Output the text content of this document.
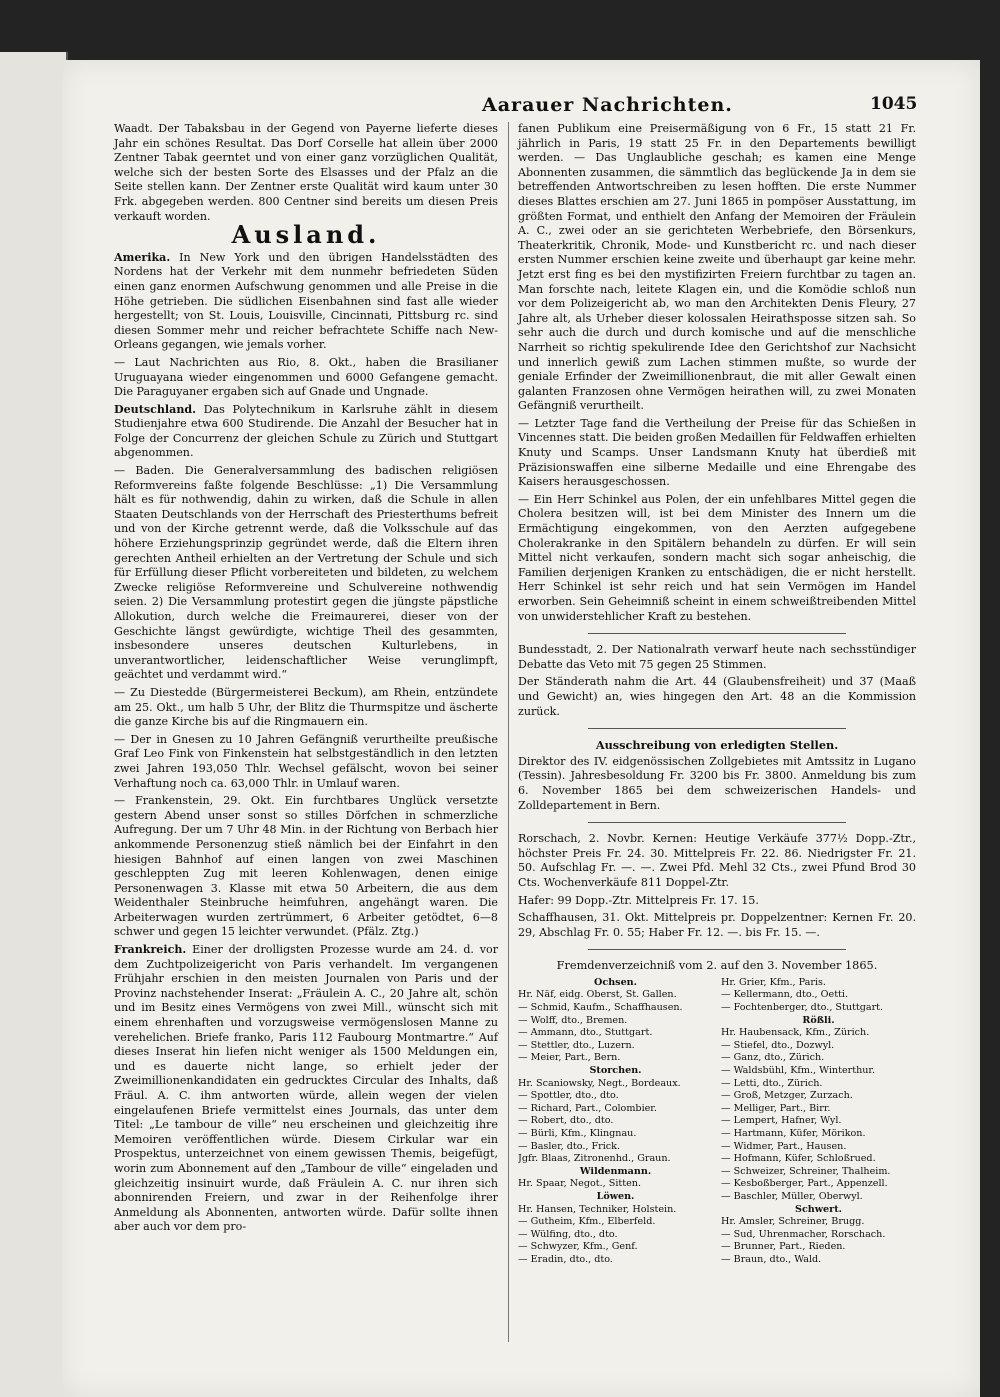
Aarauer Nachrichten.	1045

Waadt. Der Tabaksbau in der Gegend von Payerne lieferte dieses Jahr ein schönes Resultat. Das Dorf Corselle hat allein über 2000 Zentner Tabak geerntet und von einer ganz vorzüglichen Qualität, welche sich der besten Sorte des Elsasses und der Pfalz an die Seite stellen kann. Der Zentner erste Qualität wird kaum unter 30 Frk. abgegeben werden. 800 Centner sind bereits um diesen Preis verkauft worden.

Ausland.

Amerika. In New York und den übrigen Handelsstädten des Nordens hat der Verkehr mit dem nunmehr befriedeten Süden einen ganz enormen Aufschwung genommen und alle Preise in die Höhe getrieben. Die südlichen Eisenbahnen sind fast alle wieder hergestellt; von St. Louis, Louisville, Cincinnati, Pittsburg rc. sind diesen Sommer mehr und reicher befrachtete Schiffe nach New-Orleans gegangen, wie jemals vorher.

— Laut Nachrichten aus Rio, 8. Okt., haben die Brasilianer Uruguayana wieder eingenommen und 6000 Gefangene gemacht. Die Paraguyaner ergaben sich auf Gnade und Ungnade.

Deutschland. Das Polytechnikum in Karlsruhe zählt in diesem Studienjahre etwa 600 Studirende. Die Anzahl der Besucher hat in Folge der Concurrenz der gleichen Schule zu Zürich und Stuttgart abgenommen.

— Baden. Die Generalversammlung des badischen religiösen Reformvereins faßte folgende Beschlüsse: „1) Die Versammlung hält es für nothwendig, dahin zu wirken, daß die Schule in allen Staaten Deutschlands von der Herrschaft des Priesterthums befreit und von der Kirche getrennt werde, daß die Volksschule auf das höhere Erziehungsprinzip gegründet werde, daß die Eltern ihren gerechten Antheil erhielten an der Vertretung der Schule und sich für Erfüllung dieser Pflicht vorbereiteten und bildeten, zu welchem Zwecke religiöse Reformvereine und Schulvereine nothwendig seien. 2) Die Versammlung protestirt gegen die jüngste päpstliche Allokution, durch welche die Freimaurerei, dieser von der Geschichte längst gewürdigte, wichtige Theil des gesammten, insbesondere unseres deutschen Kulturlebens, in unverantwortlicher, leidenschaftlicher Weise verunglimpft, geächtet und verdammt wird.“

— Zu Diestedde (Bürgermeisterei Beckum), am Rhein, entzündete am 25. Okt., um halb 5 Uhr, der Blitz die Thurmspitze und äscherte die ganze Kirche bis auf die Ringmauern ein.

— Der in Gnesen zu 10 Jahren Gefängniß verurtheilte preußische Graf Leo Fink von Finkenstein hat selbstgeständlich in den letzten zwei Jahren 193,050 Thlr. Wechsel gefälscht, wovon bei seiner Verhaftung noch ca. 63,000 Thlr. in Umlauf waren.

— Frankenstein, 29. Okt. Ein furchtbares Unglück versetzte gestern Abend unser sonst so stilles Dörfchen in schmerzliche Aufregung. Der um 7 Uhr 48 Min. in der Richtung von Berbach hier ankommende Personenzug stieß nämlich bei der Einfahrt in den hiesigen Bahnhof auf einen langen von zwei Maschinen geschleppten Zug mit leeren Kohlenwagen, denen einige Personenwagen 3. Klasse mit etwa 50 Arbeitern, die aus dem Weidenthaler Steinbruche heimfuhren, angehängt waren. Die Arbeiterwagen wurden zertrümmert, 6 Arbeiter getödtet, 6—8 schwer und gegen 15 leichter verwundet. (Pfälz. Ztg.)

Frankreich. Einer der drolligsten Prozesse wurde am 24. d. vor dem Zuchtpolizeigericht von Paris verhandelt. Im vergangenen Frühjahr erschien in den meisten Journalen von Paris und der Provinz nachstehender Inserat: „Fräulein A. C., 20 Jahre alt, schön und im Besitz eines Vermögens von zwei Mill., wünscht sich mit einem ehrenhaften und vorzugsweise vermögenslosen Manne zu verehelichen. Briefe franko, Paris 112 Faubourg Montmartre.“ Auf dieses Inserat hin liefen nicht weniger als 1500 Meldungen ein, und es dauerte nicht lange, so erhielt jeder der Zweimillionenkandidaten ein gedrucktes Circular des Inhalts, daß Fräul. A. C. ihm antworten würde, allein wegen der vielen eingelaufenen Briefe vermittelst eines Journals, das unter dem Titel: „Le tambour de ville“ neu erscheinen und gleichzeitig ihre Memoiren veröffentlichen würde. Diesem Cirkular war ein Prospektus, unterzeichnet von einem gewissen Themis, beigefügt, worin zum Abonnement auf den „Tambour de ville“ eingeladen und gleichzeitig insinuirt wurde, daß Fräulein A. C. nur ihren sich abonnirenden Freiern, und zwar in der Reihenfolge ihrer Anmeldung als Abonnenten, antworten würde. Dafür sollte ihnen aber auch vor dem pro-

fanen Publikum eine Preisermäßigung von 6 Fr., 15 statt 21 Fr. jährlich in Paris, 19 statt 25 Fr. in den Departements bewilligt werden. — Das Unglaubliche geschah; es kamen eine Menge Abonnenten zusammen, die sämmtlich das beglückende Ja in dem sie betreffenden Antwortschreiben zu lesen hofften. Die erste Nummer dieses Blattes erschien am 27. Juni 1865 in pompöser Ausstattung, im größten Format, und enthielt den Anfang der Memoiren der Fräulein A. C., zwei oder an sie gerichteten Werbebriefe, den Börsenkurs, Theaterkritik, Chronik, Mode- und Kunstbericht rc. und nach dieser ersten Nummer erschien keine zweite und überhaupt gar keine mehr. Jetzt erst fing es bei den mystifizirten Freiern furchtbar zu tagen an. Man forschte nach, leitete Klagen ein, und die Komödie schloß nun vor dem Polizeigericht ab, wo man den Architekten Denis Fleury, 27 Jahre alt, als Urheber dieser kolossalen Heirathsposse sitzen sah. So sehr auch die durch und durch komische und auf die menschliche Narrheit so richtig spekulirende Idee den Gerichtshof zur Nachsicht und innerlich gewiß zum Lachen stimmen mußte, so wurde der geniale Erfinder der Zweimillionenbraut, die mit aller Gewalt einen galanten Franzosen ohne Vermögen heirathen will, zu zwei Monaten Gefängniß verurtheilt.

— Letzter Tage fand die Vertheilung der Preise für das Schießen in Vincennes statt. Die beiden großen Medaillen für Feldwaffen erhielten Knuty und Scamps. Unser Landsmann Knuty hat überdieß mit Präzisionswaffen eine silberne Medaille und eine Ehrengabe des Kaisers herausgeschossen.

— Ein Herr Schinkel aus Polen, der ein unfehlbares Mittel gegen die Cholera besitzen will, ist bei dem Minister des Innern um die Ermächtigung eingekommen, von den Aerzten aufgegebene Cholerakranke in den Spitälern behandeln zu dürfen. Er will sein Mittel nicht verkaufen, sondern macht sich sogar anheischig, die Familien derjenigen Kranken zu entschädigen, die er nicht herstellt. Herr Schinkel ist sehr reich und hat sein Vermögen im Handel erworben. Sein Geheimniß scheint in einem schweißtreibenden Mittel von unwiderstehlicher Kraft zu bestehen.

Bundesstadt, 2. Der Nationalrath verwarf heute nach sechsstündiger Debatte das Veto mit 75 gegen 25 Stimmen.

Der Ständerath nahm die Art. 44 (Glaubensfreiheit) und 37 (Maaß und Gewicht) an, wies hingegen den Art. 48 an die Kommission zurück.

Ausschreibung von erledigten Stellen.

Direktor des IV. eidgenössischen Zollgebietes mit Amtssitz in Lugano (Tessin). Jahresbesoldung Fr. 3200 bis Fr. 3800. Anmeldung bis zum 6. November 1865 bei dem schweizerischen Handels- und Zolldepartement in Bern.

Rorschach, 2. Novbr. Kernen: Heutige Verkäufe 377½ Dopp.-Ztr., höchster Preis Fr. 24. 30. Mittelpreis Fr. 22. 86. Niedrigster Fr. 21. 50. Aufschlag Fr. —. —. Zwei Pfd. Mehl 32 Cts., zwei Pfund Brod 30 Cts. Wochenverkäufe 811 Doppel-Ztr.

Hafer: 99 Dopp.-Ztr. Mittelpreis Fr. 17. 15.

Schaffhausen, 31. Okt. Mittelpreis pr. Doppelzentner: Kernen Fr. 20. 29, Abschlag Fr. 0. 55; Haber Fr. 12. —. bis Fr. 15. —.

Fremdenverzeichniß vom 2. auf den 3. November 1865.
Ochsen.
Hr. Näf, eidg. Oberst, St. Gallen.
— Schmid, Kaufm., Schaffhausen.
— Wolff, dto., Bremen.
— Ammann, dto., Stuttgart.
— Stettler, dto., Luzern.
— Meier, Part., Bern.
Storchen.
Hr. Scaniowsky, Negt., Bordeaux.
— Spottler, dto., dto.
— Richard, Part., Colombier.
— Robert, dto., dto.
— Bürli, Kfm., Klingnau.
— Basler, dto., Frick.
Jgfr. Blaas, Zitronenhd., Graun.
Wildenmann.
Hr. Spaar, Negot., Sitten.
Löwen.
Hr. Hansen, Techniker, Holstein.
— Gutheim, Kfm., Elberfeld.
— Wülfing, dto., dto.
— Schwyzer, Kfm., Genf.
— Eradin, dto., dto.
Hr. Grier, Kfm., Paris.
— Kellermann, dto., Oetti.
— Fochtenberger, dto., Stuttgart.
Rößli.
Hr. Haubensack, Kfm., Zürich.
— Stiefel, dto., Dozwyl.
— Ganz, dto., Zürich.
— Waldsbühl, Kfm., Winterthur.
— Letti, dto., Zürich.
— Groß, Metzger, Zurzach.
— Melliger, Part., Birr.
— Lempert, Hafner, Wyl.
— Hartmann, Küfer, Mörikon.
— Widmer, Part., Hausen.
— Hofmann, Küfer, Schloßrued.
— Schweizer, Schreiner, Thalheim.
— Kesboßberger, Part., Appenzell.
— Baschler, Müller, Oberwyl.
Schwert.
Hr. Amsler, Schreiner, Brugg.
— Sud, Uhrenmacher, Rorschach.
— Brunner, Part., Rieden.
— Braun, dto., Wald.
